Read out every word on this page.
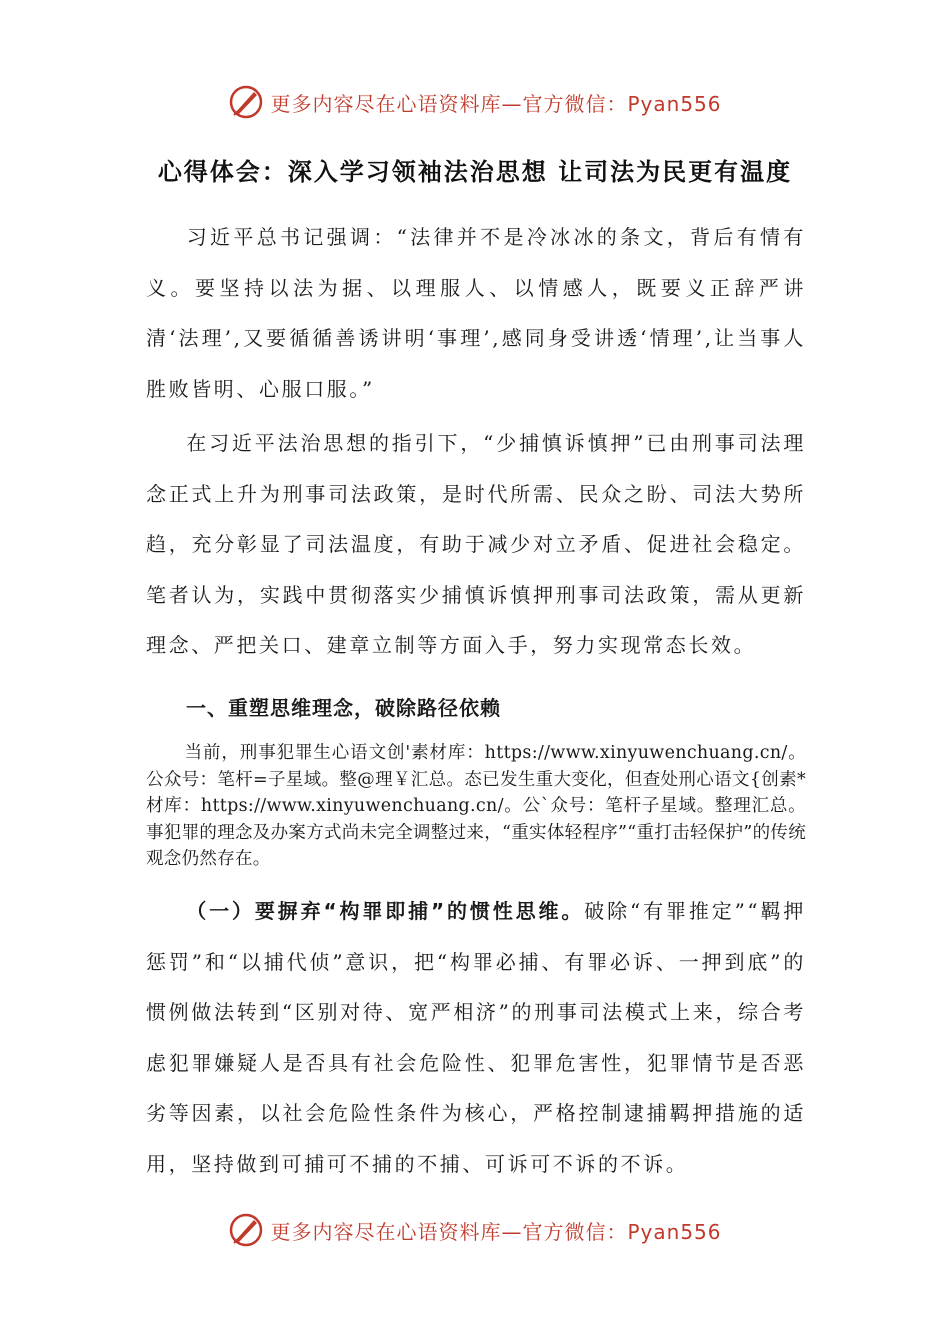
更多内容尽在心语资料库—官方微信：Pyan556
心得体会：深入学习领袖法治思想 让司法为民更有温度
习近平总书记强调：“法律并不是冷冰冰的条文，背后有情有义。要坚持以法为据、以理服人、以情感人，既要义正辞严讲清‘法理’,又要循循善诱讲明‘事理’,感同身受讲透‘情理’,让当事人胜败皆明、心服口服。”
在习近平法治思想的指引下，“少捕慎诉慎押”已由刑事司法理念正式上升为刑事司法政策，是时代所需、民众之盼、司法大势所趋，充分彰显了司法温度，有助于减少对立矛盾、促进社会稳定。笔者认为，实践中贯彻落实少捕慎诉慎押刑事司法政策，需从更新理念、严把关口、建章立制等方面入手，努力实现常态长效。
一、重塑思维理念，破除路径依赖
当前，刑事犯罪生心语文创'素材库：https://www.xinyuwenchuang.cn/。公众号：笔杆=子星域。整@理￥汇总。态已发生重大变化，但查处刑心语文{创素*材库：https://www.xinyuwenchuang.cn/。公`众号：笔杆子星域。整理汇总。事犯罪的理念及办案方式尚未完全调整过来，“重实体轻程序”“重打击轻保护”的传统观念仍然存在。
（一）要摒弃“构罪即捕”的惯性思维。破除“有罪推定”“羁押惩罚”和“以捕代侦”意识，把“构罪必捕、有罪必诉、一押到底”的惯例做法转到“区别对待、宽严相济”的刑事司法模式上来，综合考虑犯罪嫌疑人是否具有社会危险性、犯罪危害性，犯罪情节是否恶劣等因素，以社会危险性条件为核心，严格控制逮捕羁押措施的适用，坚持做到可捕可不捕的不捕、可诉可不诉的不诉。
更多内容尽在心语资料库—官方微信：Pyan556
